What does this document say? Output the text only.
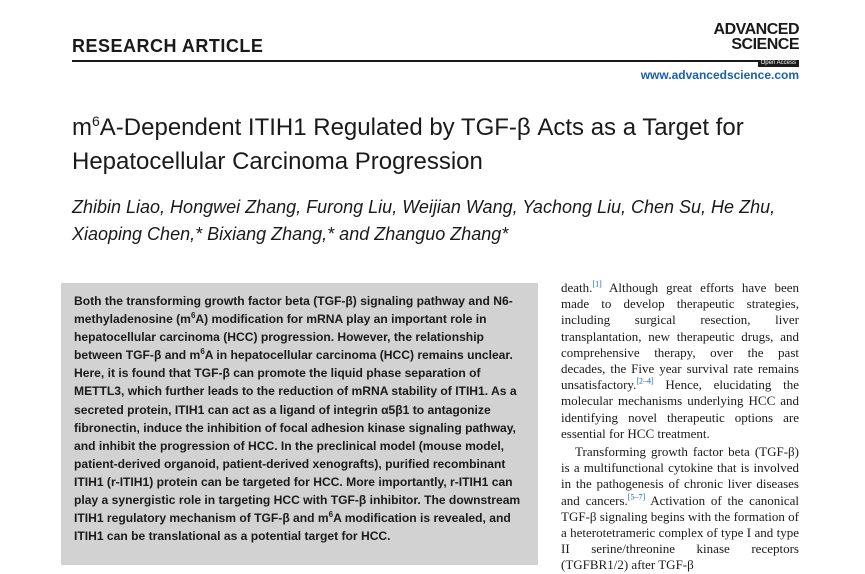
RESEARCH ARTICLE
ADVANCED
SCIENCE
Open Access
www.advancedscience.com
$m^6A$-Dependent ITIH1 Regulated by TGF-β Acts as a Target for Hepatocellular Carcinoma Progression

Zhibin Liao, Hongwei Zhang, Furong Liu, Weijian Wang, Yachong Liu, Chen Su, He Zhu, Xiaoping Chen,* Bixiang Zhang,* and Zhanguo Zhang*

Both the transforming growth factor beta (TGF-β) signaling pathway and N6-methyladenosine $(m^6A)$ modification for mRNA play an important role in hepatocellular carcinoma (HCC) progression. However, the relationship between TGF-β and $m^6A$ in hepatocellular carcinoma (HCC) remains unclear. Here, it is found that TGF-β can promote the liquid phase separation of METTL3, which further leads to the reduction of mRNA stability of ITIH1. As a secreted protein, ITIH1 can act as a ligand of integrin α5β1 to antagonize fibronectin, induce the inhibition of focal adhesion kinase signaling pathway, and inhibit the progression of HCC. In the preclinical model (mouse model, patient-derived organoid, patient-derived xenografts), purified recombinant ITIH1 (r-ITIH1) protein can be targeted for HCC. More importantly, r-ITIH1 can play a synergistic role in targeting HCC with TGF-β inhibitor. The downstream ITIH1 regulatory mechanism of TGF-β and $m^6A$ modification is revealed, and ITIH1 can be translational as a potential target for HCC.

death.[1] Although great efforts have been made to develop therapeutic strategies, including surgical resection, liver transplantation, new therapeutic drugs, and comprehensive therapy, over the past decades, the Five year survival rate remains unsatisfactory.[2–4] Hence, elucidating the molecular mechanisms underlying HCC and identifying novel therapeutic options are essential for HCC treatment.

Transforming growth factor beta (TGF-β) is a multifunctional cytokine that is involved in the pathogenesis of chronic liver diseases and cancers.[5–7] Activation of the canonical TGF-β signaling begins with the formation of a heterotetrameric complex of type I and type II serine/threonine kinase receptors (TGFBR1/2) after TGF-β
